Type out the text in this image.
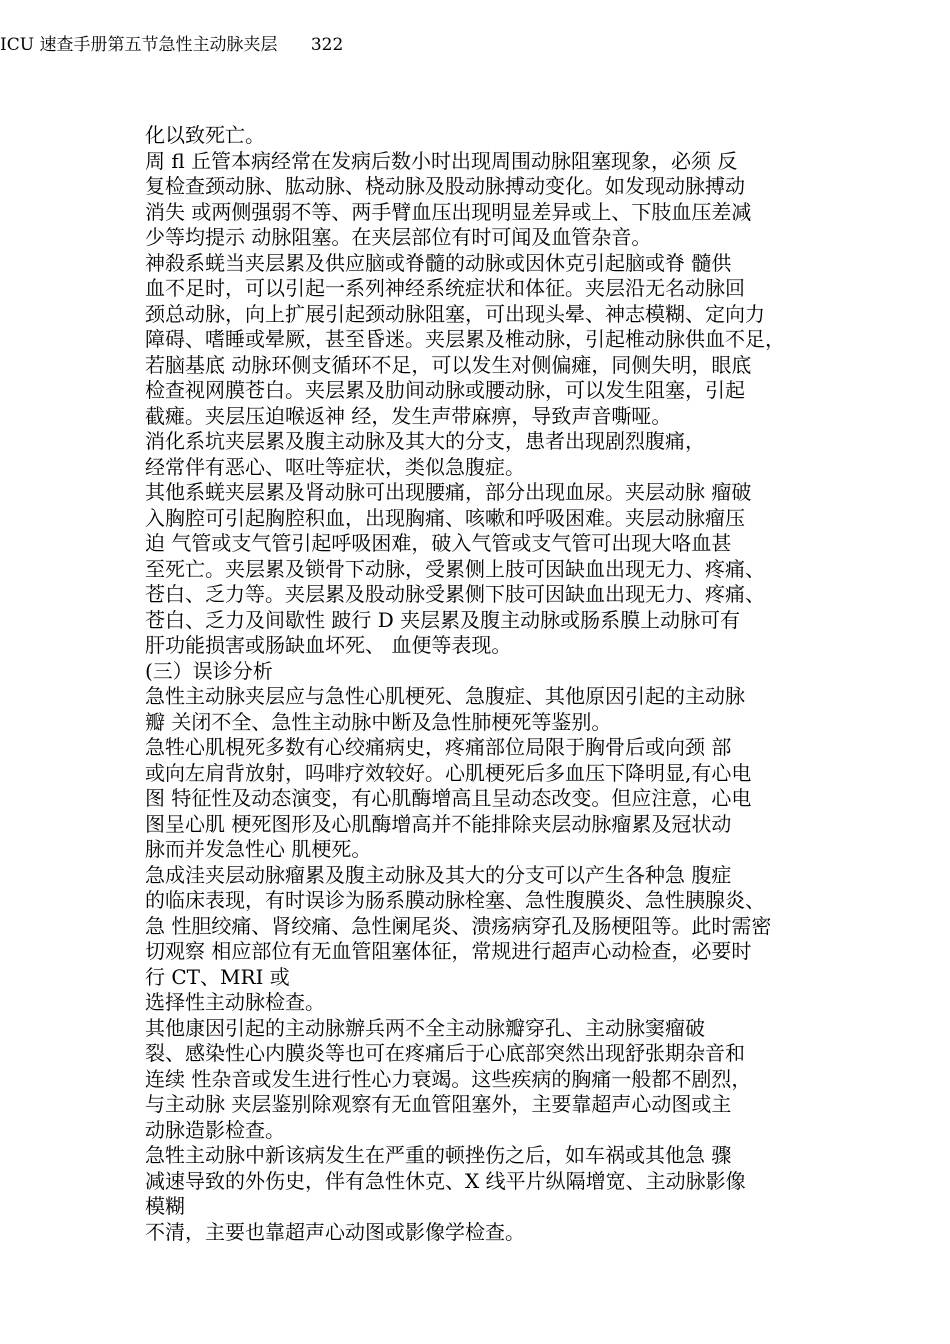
ICU 速查手册第五节急性主动脉夹层 322
化以致死亡。
周 fl 丘管本病经常在发病后数小时出现周围动脉阻塞现象，必须 反
复检查颈动脉、肱动脉、桡动脉及股动脉搏动变化。如发现动脉搏动
消失 或两侧强弱不等、两手臂血压出现明显差异或上、下肢血压差减
少等均提示 动脉阻塞。在夹层部位有时可闻及血管杂音。
神殺系蜣当夹层累及供应脑或脊髓的动脉或因休克引起脑或脊 髓供
血不足时，可以引起一系列神经系统症状和体征。夹层沿无名动脉回
颈总动脉，向上扩展引起颈动脉阻塞，可出现头晕、神志模糊、定向力
障碍、嗜睡或晕厥，甚至昏迷。夹层累及椎动脉，引起椎动脉供血不足，
若脑基底 动脉环侧支循环不足，可以发生对侧偏瘫，同侧失明，眼底
检查视网膜苍白。夹层累及肋间动脉或腰动脉，可以发生阻塞，引起
截瘫。夹层压迫喉返神 经，发生声带麻痹，导致声音嘶哑。
消化系坑夹层累及腹主动脉及其大的分支，患者出现剧烈腹痛，
经常伴有恶心、呕吐等症状，类似急腹症。
其他系蜣夹层累及肾动脉可出现腰痛，部分出现血尿。夹层动脉 瘤破
入胸腔可引起胸腔积血，出现胸痛、咳嗽和呼吸困难。夹层动脉瘤压
迫 气管或支气管引起呼吸困难，破入气管或支气管可出现大咯血甚
至死亡。夹层累及锁骨下动脉，受累侧上肢可因缺血出现无力、疼痛、
苍白、乏力等。夹层累及股动脉受累侧下肢可因缺血出现无力、疼痛、
苍白、乏力及间歇性 跛行 D 夹层累及腹主动脉或肠系膜上动脉可有
肝功能损害或肠缺血坏死、 血便等表现。
(三）误诊分析
急性主动脉夹层应与急性心肌梗死、急腹症、其他原因引起的主动脉
瓣 关闭不全、急性主动脉中断及急性肺梗死等鉴别。
急牲心肌梘死多数有心绞痛病史，疼痛部位局限于胸骨后或向颈 部
或向左肩背放射，吗啡疗效较好。心肌梗死后多血压下降明显,有心电
图 特征性及动态演变，有心肌酶增高且呈动态改变。但应注意，心电
图呈心肌 梗死图形及心肌酶增高并不能排除夹层动脉瘤累及冠状动
脉而并发急性心 肌梗死。
急成洼夹层动脉瘤累及腹主动脉及其大的分支可以产生各种急 腹症
的临床表现，有时误诊为肠系膜动脉栓塞、急性腹膜炎、急性胰腺炎、
急 性胆绞痛、肾绞痛、急性阑尾炎、溃疡病穿孔及肠梗阻等。此时需密
切观察 相应部位有无血管阻塞体征，常规进行超声心动检查，必要时
行 CT、MRI 或
选择性主动脉检查。
其他康因引起的主动脉辦兵两不全主动脉瓣穿孔、主动脉窦瘤破
裂、感染性心内膜炎等也可在疼痛后于心底部突然出现舒张期杂音和
连续 性杂音或发生进行性心力衰竭。这些疾病的胸痛一般都不剧烈，
与主动脉 夹层鉴别除观察有无血管阻塞外，主要靠超声心动图或主
动脉造影检查。
急牲主动脉中新该病发生在严重的顿挫伤之后，如车祸或其他急 骤
减速导致的外伤史，伴有急性休克、X 线平片纵隔增宽、主动脉影像
模糊
不清，主要也靠超声心动图或影像学检查。
